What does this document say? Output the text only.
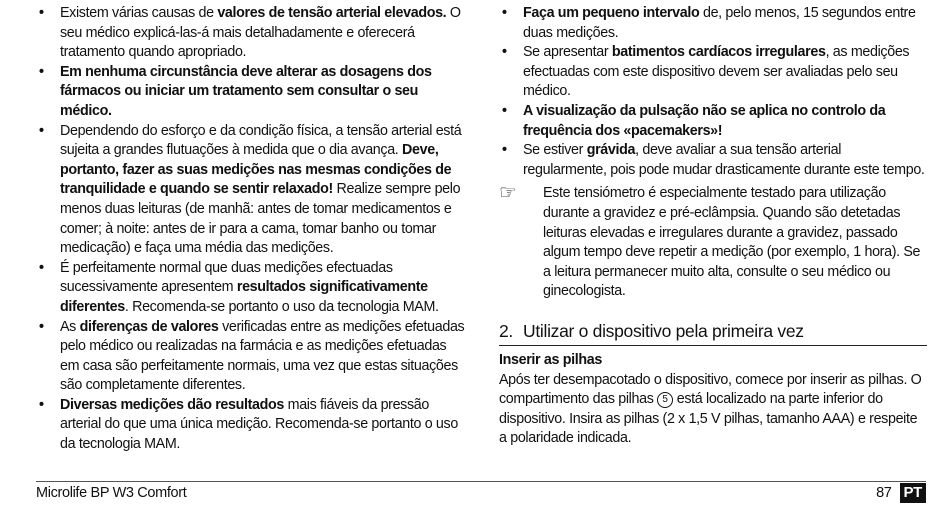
• Existem várias causas de valores de tensão arterial elevados. O seu médico explicá-las-á mais detalhadamente e oferecerá tratamento quando apropriado.
• Em nenhuma circunstância deve alterar as dosagens dos fármacos ou iniciar um tratamento sem consultar o seu médico.
• Dependendo do esforço e da condição física, a tensão arterial está sujeita a grandes flutuações à medida que o dia avança. Deve, portanto, fazer as suas medições nas mesmas condições de tranquilidade e quando se sentir relaxado! Realize sempre pelo menos duas leituras (de manhã: antes de tomar medicamentos e comer; à noite: antes de ir para a cama, tomar banho ou tomar medicação) e faça uma média das medições.
• É perfeitamente normal que duas medições efectuadas sucessivamente apresentem resultados significativamente diferentes. Recomenda-se portanto o uso da tecnologia MAM.
• As diferenças de valores verificadas entre as medições efetuadas pelo médico ou realizadas na farmácia e as medições efetuadas em casa são perfeitamente normais, uma vez que estas situações são completamente diferentes.
• Diversas medições dão resultados mais fiáveis da pressão arterial do que uma única medição. Recomenda-se portanto o uso da tecnologia MAM.
• Faça um pequeno intervalo de, pelo menos, 15 segundos entre duas medições.
• Se apresentar batimentos cardíacos irregulares, as medições efectuadas com este dispositivo devem ser avaliadas pelo seu médico.
• A visualização da pulsação não se aplica no controlo da frequência dos «pacemakers»!
• Se estiver grávida, deve avaliar a sua tensão arterial regularmente, pois pode mudar drasticamente durante este tempo.
☞ Este tensiómetro é especialmente testado para utilização durante a gravidez e pré-eclâmpsia. Quando são detetadas leituras elevadas e irregulares durante a gravidez, passado algum tempo deve repetir a medição (por exemplo, 1 hora). Se a leitura permanecer muito alta, consulte o seu médico ou ginecologista.
2. Utilizar o dispositivo pela primeira vez
Inserir as pilhas
Após ter desempacotado o dispositivo, comece por inserir as pilhas. O compartimento das pilhas 5 está localizado na parte inferior do dispositivo. Insira as pilhas (2 x 1,5 V pilhas, tamanho AAA) e respeite a polaridade indicada.
Microlife BP W3 Comfort	87 PT
